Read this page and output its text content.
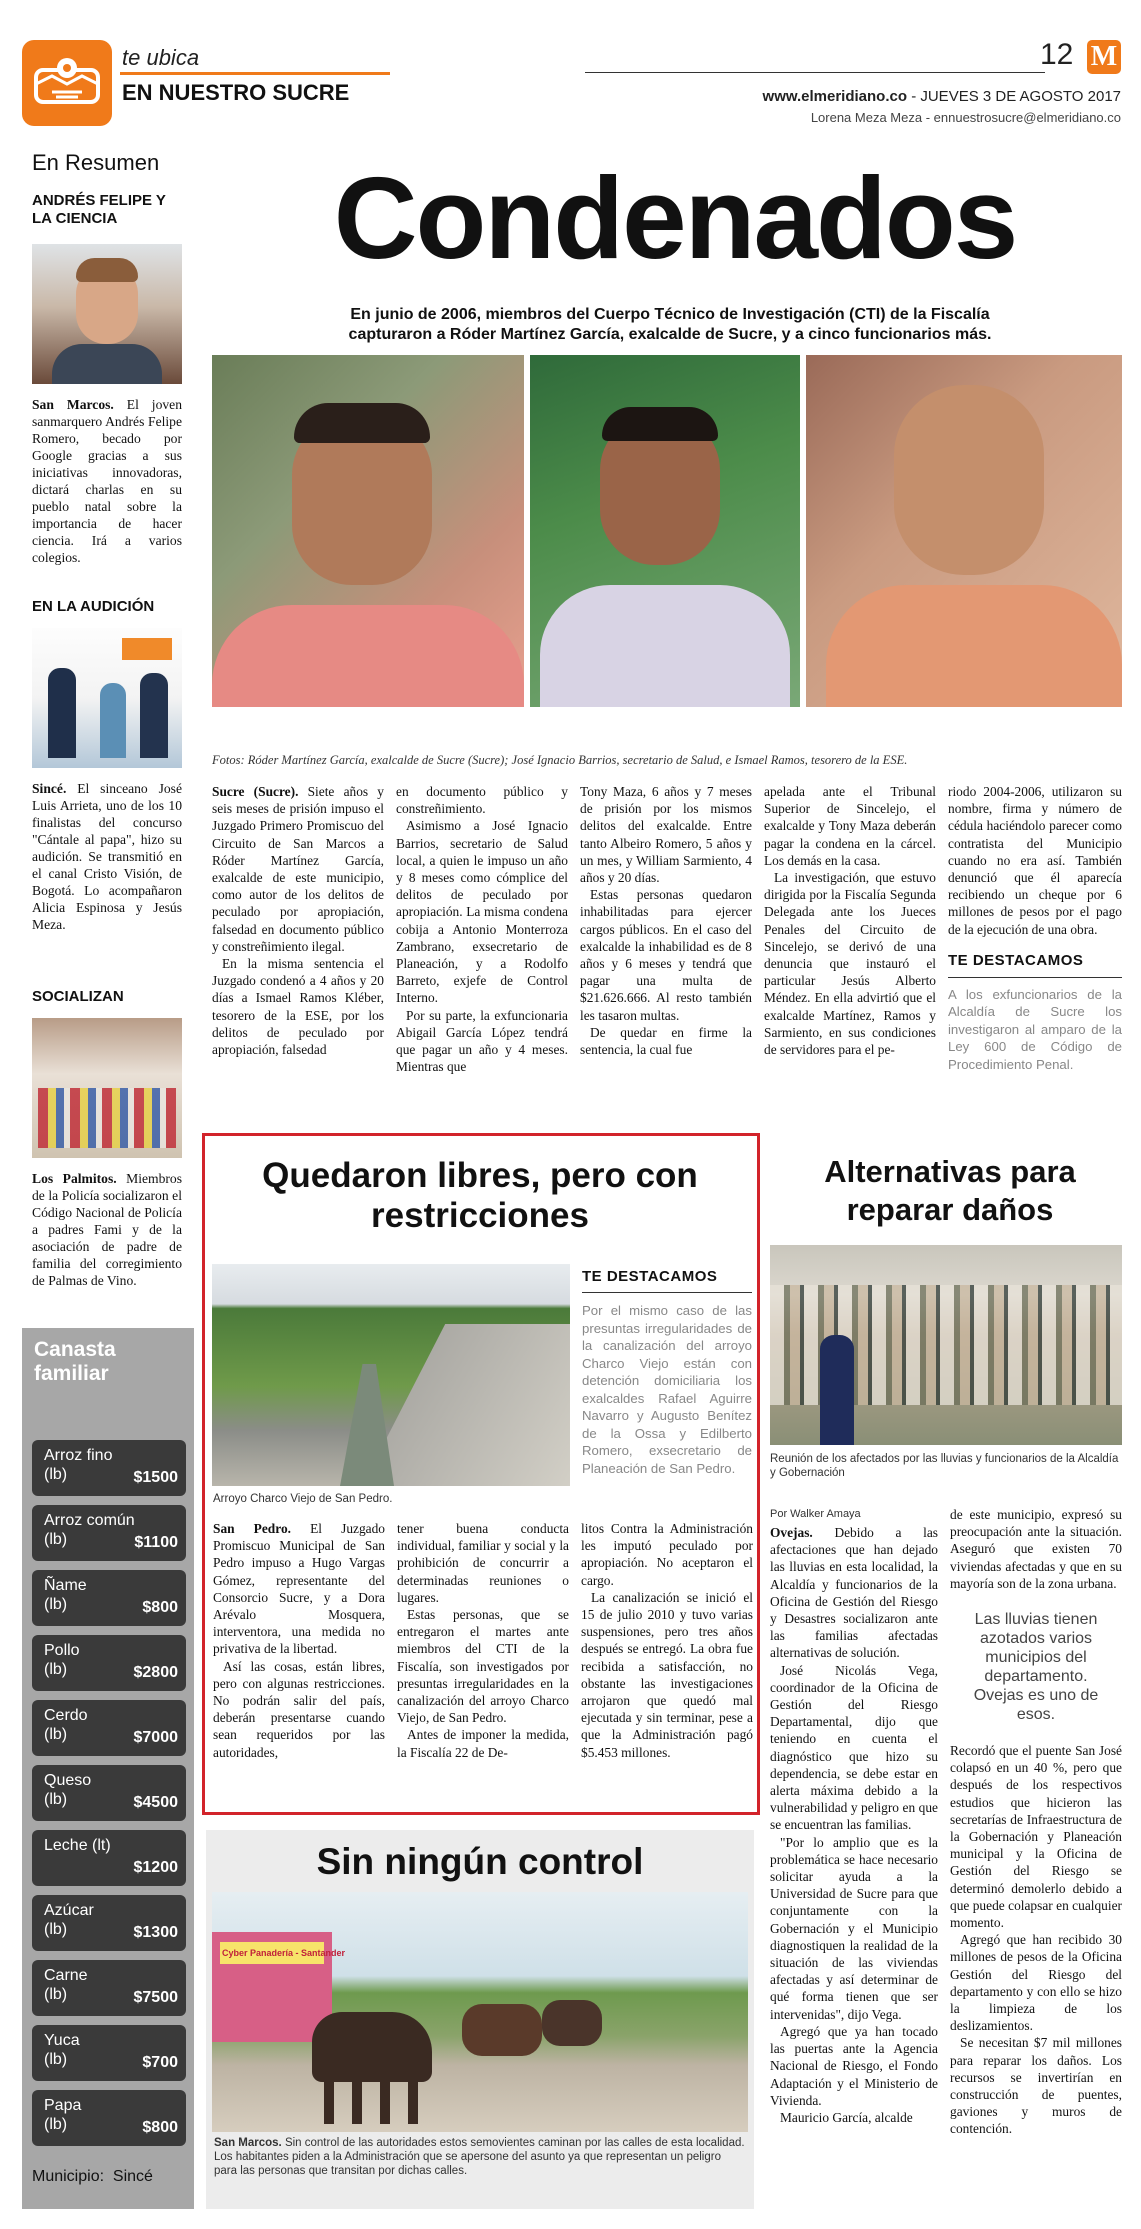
te ubica
EN NUESTRO SUCRE
12 M
www.elmeridiano.co - JUEVES 3 DE AGOSTO 2017
Lorena Meza Meza - ennuestrosucre@elmeridiano.co
En Resumen
ANDRÉS FELIPE Y LA CIENCIA
San Marcos. El joven sanmarquero Andrés Felipe Romero, becado por Google gracias a sus iniciativas innovadoras, dictará charlas en su pueblo natal sobre la importancia de hacer ciencia. Irá a varios colegios.
EN LA AUDICIÓN
Sincé. El sinceano José Luis Arrieta, uno de los 10 finalistas del concurso "Cántale al papa", hizo su audición. Se transmitió en el canal Cristo Visión, de Bogotá. Lo acompañaron Alicia Espinosa y Jesús Meza.
SOCIALIZAN
Los Palmitos. Miembros de la Policía socializaron el Código Nacional de Policía a padres Fami y de la asociación de padre de familia del corregimiento de Palmas de Vino.
Canasta familiar
Arroz fino
(lb)	$1500
Arroz común
(lb)	$1100
Ñame
(lb)	$800
Pollo
(lb)	$2800
Cerdo
(lb)	$7000
Queso
(lb)	$4500
Leche (lt)
$1200
Azúcar
(lb)	$1300
Carne
(lb)	$7500
Yuca
(lb)	$700
Papa
(lb)	$800
Municipio:  Sincé
Condenados
En junio de 2006, miembros del Cuerpo Técnico de Investigación (CTI) de la Fiscalía capturaron a Róder Martínez García, exalcalde de Sucre, y a cinco funcionarios más.
Fotos: Róder Martínez García, exalcalde de Sucre (Sucre); José Ignacio Barrios, secretario de Salud, e Ismael Ramos, tesorero de la ESE.

Sucre (Sucre). Siete años y seis meses de prisión impuso el Juzgado Primero Promiscuo del Circuito de San Marcos a Róder Martínez García, exalcalde de este municipio, como autor de los delitos de peculado por apropiación, falsedad en documento público y constreñimiento ilegal.

En la misma sentencia el Juzgado condenó a 4 años y 20 días a Ismael Ramos Kléber, tesorero de la ESE, por los delitos de peculado por apropiación, falsedad

en documento público y constreñimiento.

Asimismo a José Ignacio Barrios, secretario de Salud local, a quien le impuso un año y 8 meses como cómplice del delitos de peculado por apropiación. La misma condena cobija a Antonio Monterroza Zambrano, exsecretario de Planeación, y a Rodolfo Barreto, exjefe de Control Interno.

Por su parte, la exfuncionaria Abigail García López tendrá que pagar un año y 4 meses. Mientras que

Tony Maza, 6 años y 7 meses de prisión por los mismos delitos del exalcalde. Entre tanto Albeiro Romero, 5 años y un mes, y William Sarmiento, 4 años y 20 días.

Estas personas quedaron inhabilitadas para ejercer cargos públicos. En el caso del exalcalde la inhabilidad es de 8 años y 6 meses y tendrá que pagar una multa de $21.626.666. Al resto también les tasaron multas.

De quedar en firme la sentencia, la cual fue

apelada ante el Tribunal Superior de Sincelejo, el exalcalde y Tony Maza deberán pagar la condena en la cárcel. Los demás en la casa.

La investigación, que estuvo dirigida por la Fiscalía Segunda Delegada ante los Jueces Penales del Circuito de Sincelejo, se derivó de una denuncia que instauró el particular Jesús Alberto Méndez. En ella advirtió que el exalcalde Martínez, Ramos y Sarmiento, en sus condiciones de servidores para el pe-

riodo 2004-2006, utilizaron su nombre, firma y número de cédula haciéndolo parecer como contratista del Municipio cuando no era así. También denunció que él aparecía recibiendo un cheque por 6 millones de pesos por el pago de la ejecución de una obra.

TE DESTACAMOS
A los exfuncionarios de la Alcaldía de Sucre los investigaron al amparo de la Ley 600 de Código de Procedimiento Penal.
Quedaron libres, pero con restricciones
Arroyo Charco Viejo de San Pedro.
TE DESTACAMOS
Por el mismo caso de las presuntas irregularidades de la canalización del arroyo Charco Viejo están con detención domiciliaria los exalcaldes Rafael Aguirre Navarro y Augusto Benítez de la Ossa y Edilberto Romero, exsecretario de Planeación de San Pedro.

San Pedro. El Juzgado Promiscuo Municipal de San Pedro impuso a Hugo Vargas Gómez, representante del Consorcio Sucre, y a Dora Arévalo Mosquera, interventora, una medida no privativa de la libertad.

Así las cosas, están libres, pero con algunas restricciones. No podrán salir del país, deberán presentarse cuando sean requeridos por las autoridades,

tener buena conducta individual, familiar y social y la prohibición de concurrir a determinadas reuniones o lugares.

Estas personas, que se entregaron el martes ante miembros del CTI de la Fiscalía, son investigados por presuntas irregularidades en la canalización del arroyo Charco Viejo, de San Pedro.

Antes de imponer la medida, la Fiscalía 22 de De-

litos Contra la Administración les imputó peculado por apropiación. No aceptaron el cargo.

La canalización se inició el 15 de julio 2010 y tuvo varias suspensiones, pero tres años después se entregó. La obra fue recibida a satisfacción, no obstante las investigaciones arrojaron que quedó mal ejecutada y sin terminar, pese a que la Administración pagó $5.453 millones.

Alternativas para reparar daños
Reunión de los afectados por las lluvias y funcionarios de la Alcaldía y Gobernación
Por Walker Amaya

Ovejas. Debido a las afectaciones que han dejado las lluvias en esta localidad, la Alcaldía y funcionarios de la Oficina de Gestión del Riesgo y Desastres socializaron ante las familias afectadas alternativas de solución.

José Nicolás Vega, coordinador de la Oficina de Gestión del Riesgo Departamental, dijo que teniendo en cuenta el diagnóstico que hizo su dependencia, se debe estar en alerta máxima debido a la vulnerabilidad y peligro en que se encuentran las familias.

"Por lo amplio que es la problemática se hace necesario solicitar ayuda a la Universidad de Sucre para que conjuntamente con la Gobernación y el Municipio diagnostiquen la realidad de la situación de las viviendas afectadas y así determinar de qué forma tienen que ser intervenidas", dijo Vega.

Agregó que ya han tocado las puertas ante la Agencia Nacional de Riesgo, el Fondo Adaptación y el Ministerio de Vivienda.

Mauricio García, alcalde

de este municipio, expresó su preocupación ante la situación. Aseguró que existen 70 viviendas afectadas y que en su mayoría son de la zona urbana.

Las lluvias tienen azotados varios municipios del departamento. Ovejas es uno de esos.

Recordó que el puente San José colapsó en un 40 %, pero que después de los respectivos estudios que hicieron las secretarías de Infraestructura de la Gobernación y Planeación municipal y la Oficina de Gestión del Riesgo se determinó demolerlo debido a que puede colapsar en cualquier momento.

Agregó que han recibido 30 millones de pesos de la Oficina Gestión del Riesgo del departamento y con ello se hizo la limpieza de los deslizamientos.

Se necesitan $7 mil millones para reparar los daños. Los recursos se invertirían en construcción de puentes, gaviones y muros de contención.

Sin ningún control
Cyber Panadería - Santander
San Marcos. Sin control de las autoridades estos semovientes caminan por las calles de esta localidad. Los habitantes piden a la Administración que se apersone del asunto ya que representan un peligro para las personas que transitan por dichas calles.
